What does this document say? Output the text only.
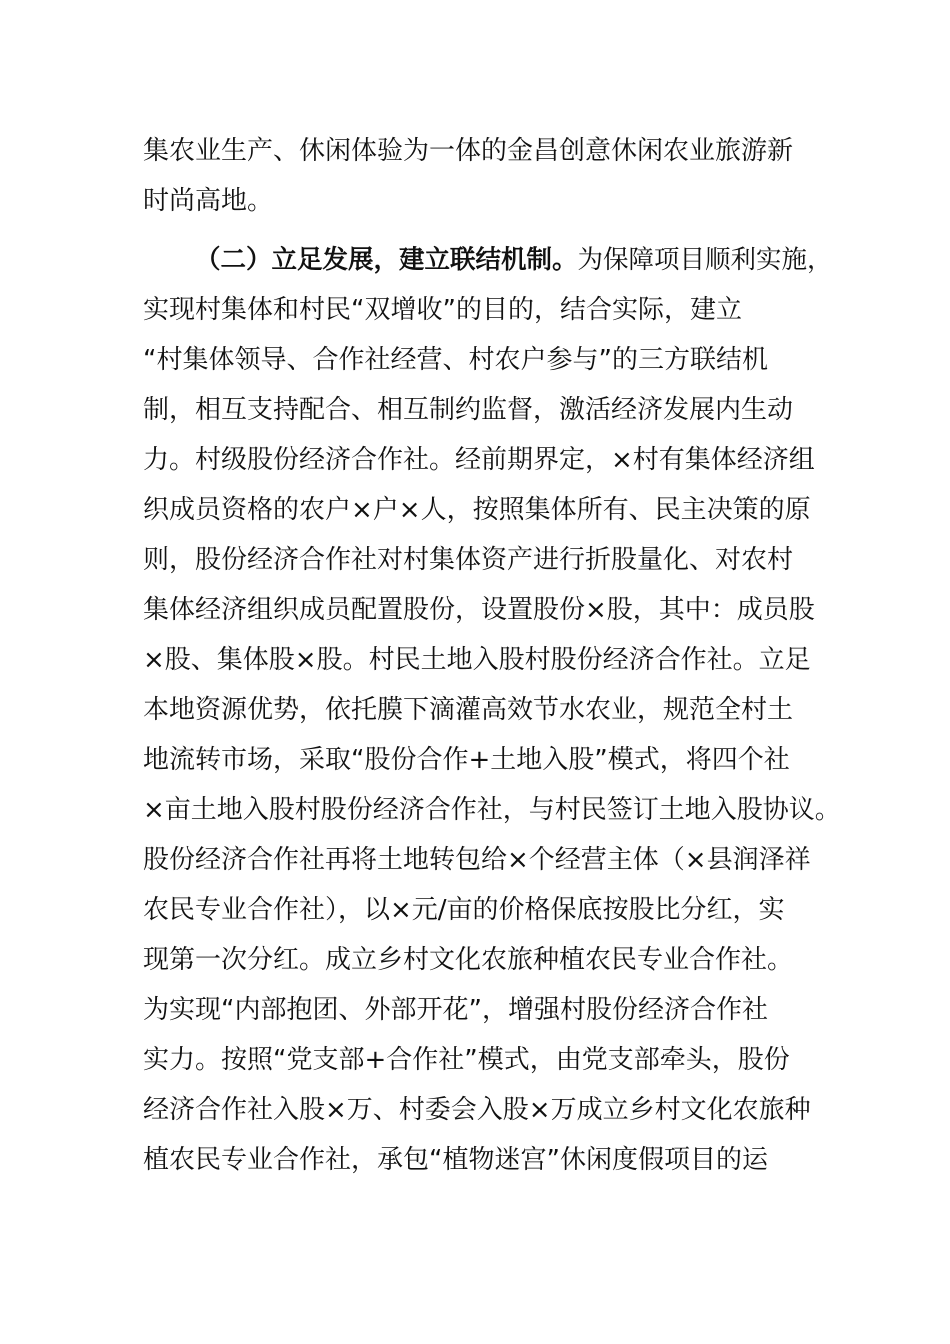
集农业生产、休闲体验为一体的金昌创意休闲农业旅游新
时尚高地。
（二）立足发展，建立联结机制。为保障项目顺利实施，
实现村集体和村民“双增收”的目的，结合实际，建立
“村集体领导、合作社经营、村农户参与”的三方联结机
制，相互支持配合、相互制约监督，激活经济发展内生动
力。村级股份经济合作社。经前期界定，×村有集体经济组
织成员资格的农户×户×人，按照集体所有、民主决策的原
则，股份经济合作社对村集体资产进行折股量化、对农村
集体经济组织成员配置股份，设置股份×股，其中：成员股
×股、集体股×股。村民土地入股村股份经济合作社。立足
本地资源优势，依托膜下滴灌高效节水农业，规范全村土
地流转市场，采取“股份合作+土地入股”模式，将四个社
×亩土地入股村股份经济合作社，与村民签订土地入股协议。
股份经济合作社再将土地转包给×个经营主体（×县润泽祥
农民专业合作社），以×元/亩的价格保底按股比分红，实
现第一次分红。成立乡村文化农旅种植农民专业合作社。
为实现“内部抱团、外部开花”，增强村股份经济合作社
实力。按照“党支部+合作社”模式，由党支部牵头，股份
经济合作社入股×万、村委会入股×万成立乡村文化农旅种
植农民专业合作社，承包“植物迷宫”休闲度假项目的运
